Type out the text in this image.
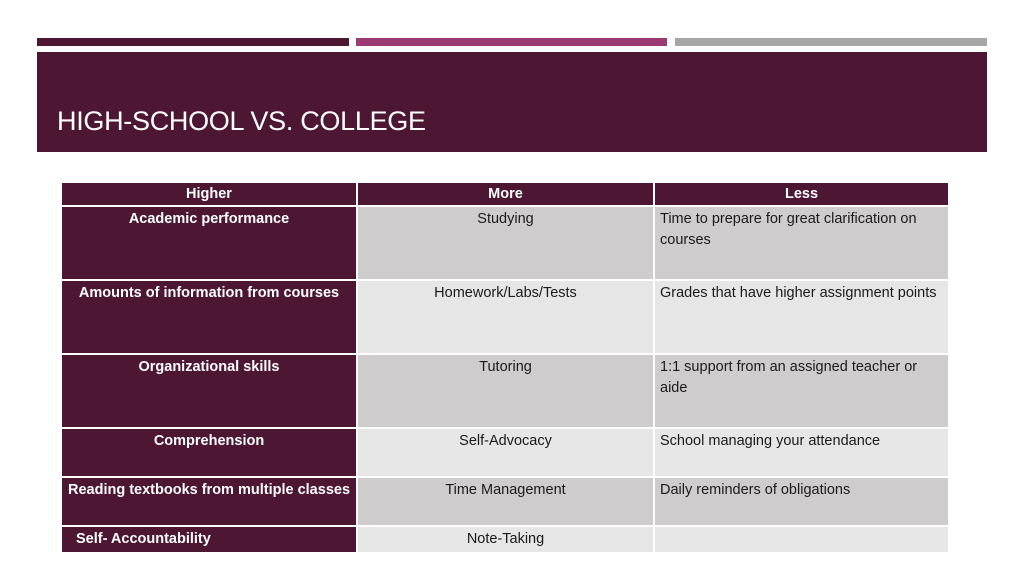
HIGH-SCHOOL VS. COLLEGE
Higher	More	Less
Academic performance	Studying	Time to prepare for great clarification on courses
Amounts of information from courses	Homework/Labs/Tests	Grades that have higher assignment points
Organizational skills	Tutoring	1:1 support from an assigned teacher or aide
Comprehension	Self-Advocacy	School managing your attendance
Reading textbooks from multiple classes	Time Management	Daily reminders of obligations
Self- Accountability	Note-Taking	
